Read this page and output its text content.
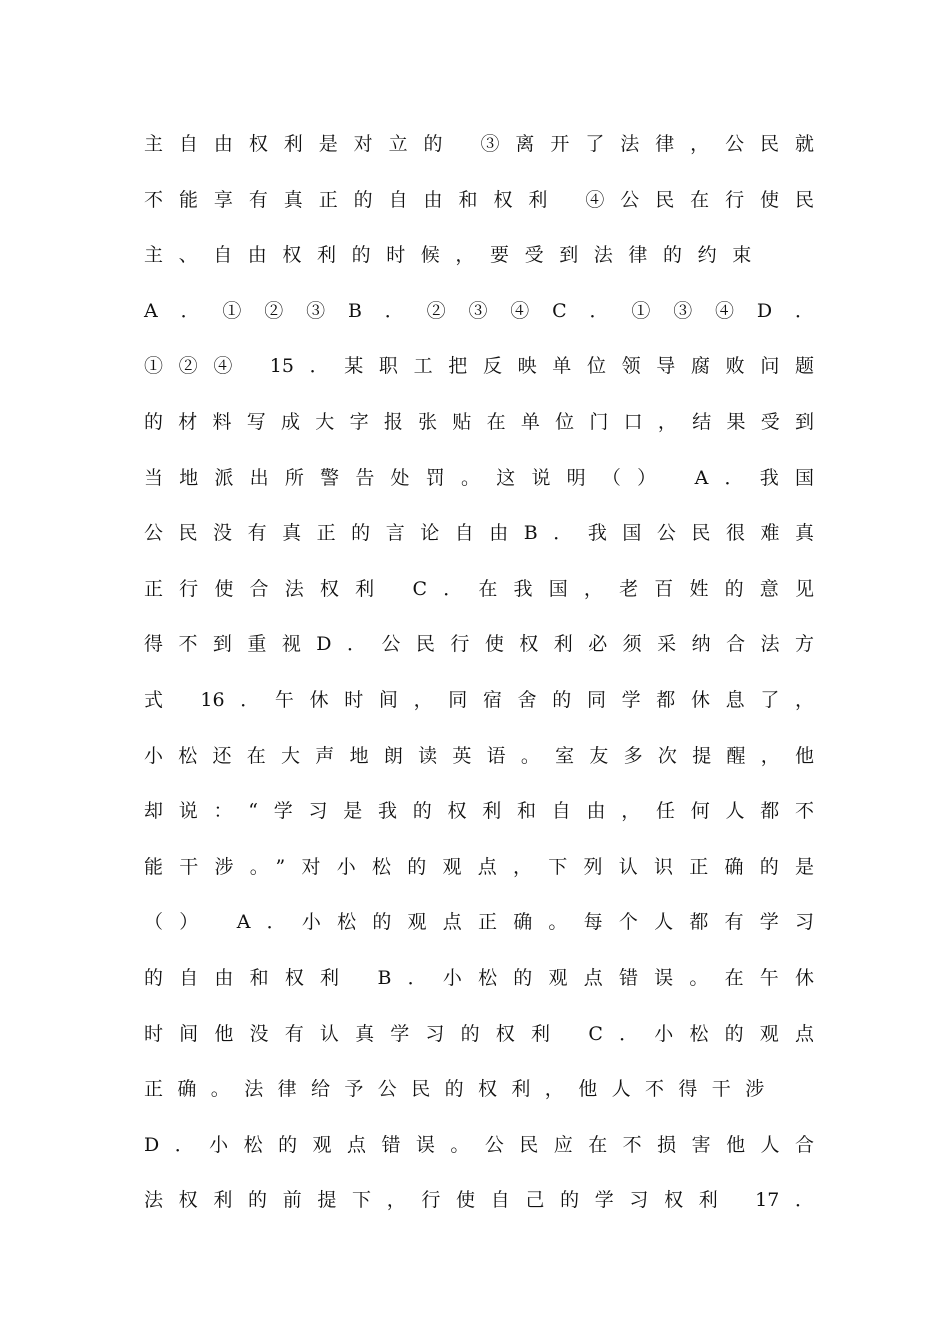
主自由权利是对立的 ③离开了法律，公民就
不能享有真正的自由和权利 ④公民在行使民
主、自由权利的时候，要受到法律的约束
A．①②③B．②③④C．①③④D．
①②④ 15．某职工把反映单位领导腐败问题
的材料写成大字报张贴在单位门口，结果受到
当地派出所警告处罚。这说明（） A．我国
公民没有真正的言论自由B．我国公民很难真
正行使合法权利 C．在我国，老百姓的意见
得不到重视D．公民行使权利必须采纳合法方
式 16．午休时间，同宿舍的同学都休息了，
小松还在大声地朗读英语。室友多次提醒，他
却说：“学习是我的权利和自由，任何人都不
能干涉。”对小松的观点，下列认识正确的是
（） A．小松的观点正确。每个人都有学习
的自由和权利 B．小松的观点错误。在午休
时间他没有认真学习的权利 C．小松的观点
正确。法律给予公民的权利，他人不得干涉
D．小松的观点错误。公民应在不损害他人合
法权利的前提下，行使自己的学习权利 17．
